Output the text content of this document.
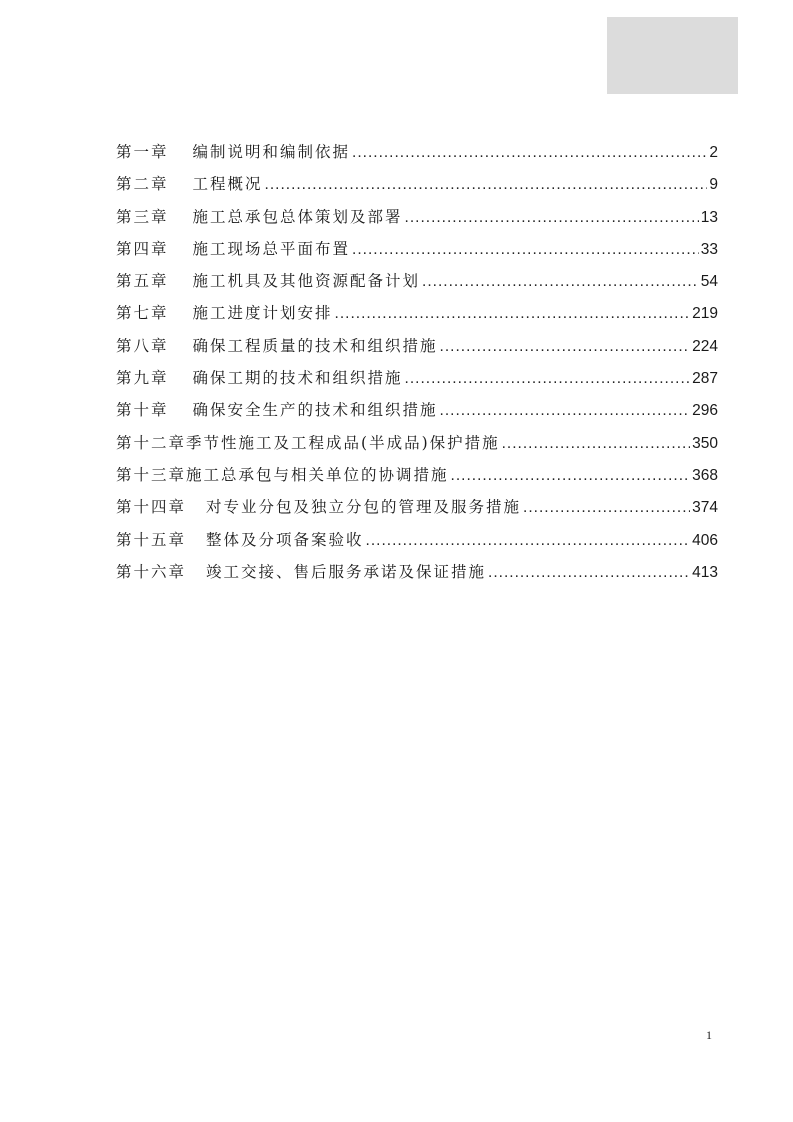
第一章 编制说明和编制依据 .....	2
第二章 工程概况 .....	9
第三章 施工总承包总体策划及部署 .....	13
第四章 施工现场总平面布置 .....	33
第五章 施工机具及其他资源配备计划 .....	54
第七章 施工进度计划安排 .....	219
第八章 确保工程质量的技术和组织措施 .....	224
第九章 确保工期的技术和组织措施 .....	287
第十章 确保安全生产的技术和组织措施 .....	296
第十二章 季节性施工及工程成品(半成品)保护措施 .....	350
第十三章 施工总承包与相关单位的协调措施 .....	368
第十四章 对专业分包及独立分包的管理及服务措施 .....	374
第十五章 整体及分项备案验收 .....	406
第十六章 竣工交接、售后服务承诺及保证措施 .....	413
1
